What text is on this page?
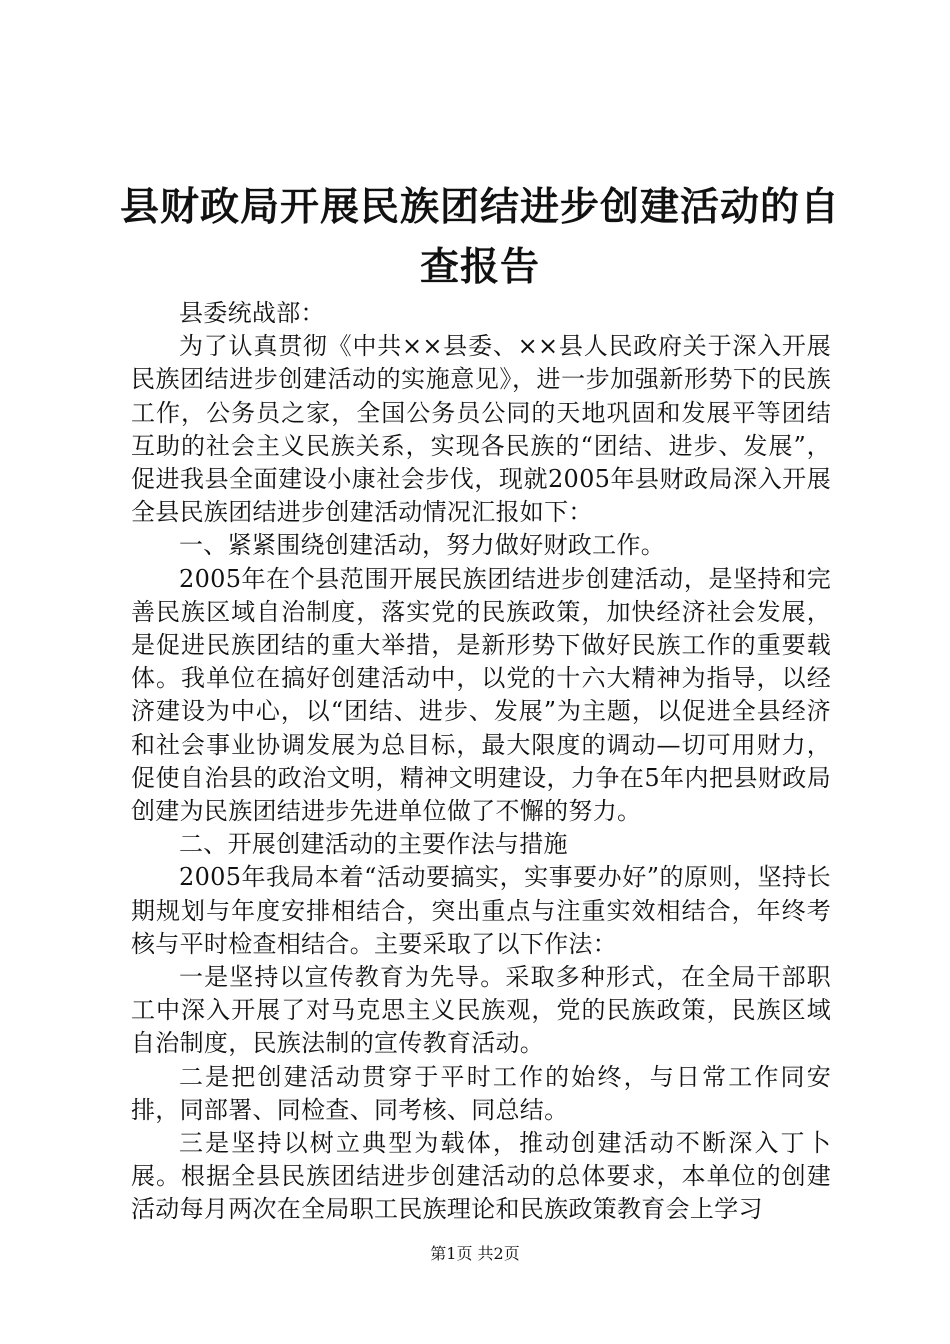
县财政局开展民族团结进步创建活动的自查报告

县委统战部：

为了认真贯彻《中共××县委、××县人民政府关于深入开展民族团结进步创建活动的实施意见》，进一步加强新形势下的民族工作，公务员之家，全国公务员公同的天地巩固和发展平等团结互助的社会主义民族关系，实现各民族的“团结、进步、发展”，促进我县全面建设小康社会步伐，现就2005年县财政局深入开展全县民族团结进步创建活动情况汇报如下：

一、紧紧围绕创建活动，努力做好财政工作。

2005年在个县范围开展民族团结进步创建活动，是坚持和完善民族区域自治制度，落实党的民族政策，加快经济社会发展，是促进民族团结的重大举措，是新形势下做好民族工作的重要载体。我单位在搞好创建活动中，以党的十六大精神为指导，以经济建设为中心，以“团结、进步、发展”为主题，以促进全县经济和社会事业协调发展为总目标，最大限度的调动—切可用财力，促使自治县的政治文明，精神文明建设，力争在5年内把县财政局创建为民族团结进步先进单位做了不懈的努力。

二、开展创建活动的主要作法与措施

2005年我局本着“活动要搞实，实事要办好”的原则，坚持长期规划与年度安排相结合，突出重点与注重实效相结合，年终考核与平时检查相结合。主要采取了以下作法：

一是坚持以宣传教育为先导。采取多种形式，在全局干部职工中深入开展了对马克思主义民族观，党的民族政策，民族区域自治制度，民族法制的宣传教育活动。

二是把创建活动贯穿于平时工作的始终，与日常工作同安排，同部署、同检查、同考核、同总结。

三是坚持以树立典型为载体，推动创建活动不断深入丁卜展。根据全县民族团结进步创建活动的总体要求，本单位的创建活动每月两次在全局职工民族理论和民族政策教育会上学习

第1页 共2页
